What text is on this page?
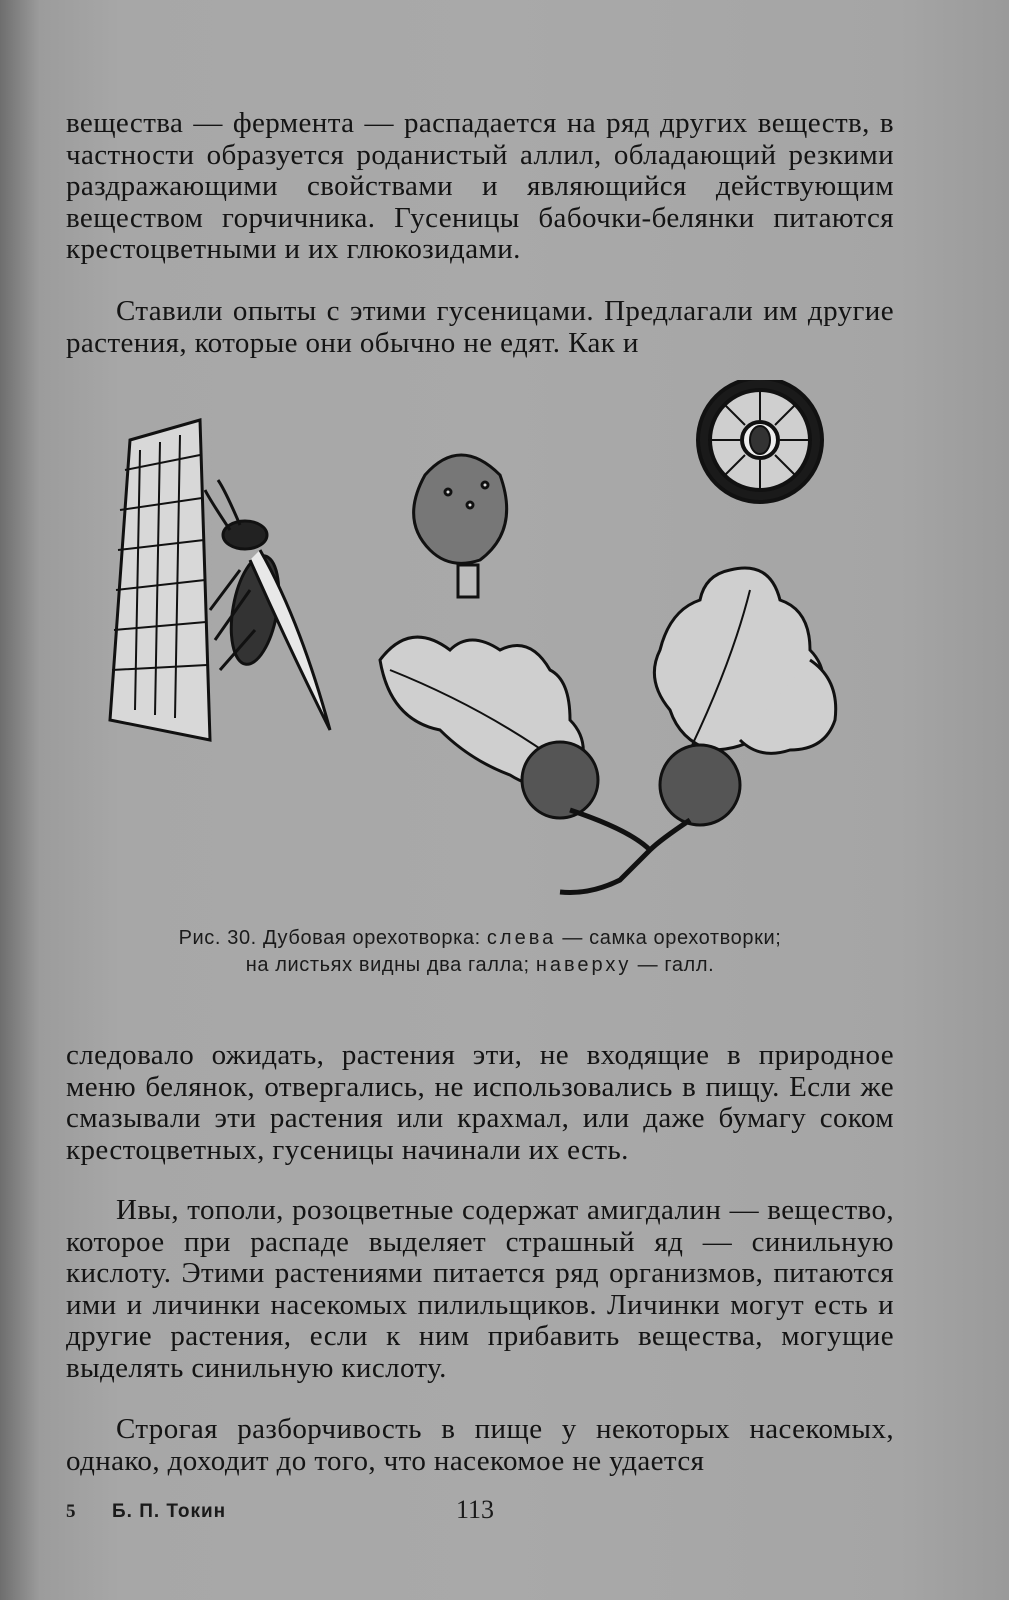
вещества — фермента — распадается на ряд других веществ, в частности образуется роданистый аллил, обладающий резкими раздражающими свойствами и являющийся действующим веществом горчичника. Гусеницы бабочки-белянки питаются крестоцветными и их глюкозидами.

Ставили опыты с этими гусеницами. Предлагали им другие растения, которые они обычно не едят. Как и

Рис. 30. Дубовая орехотворка: слева — самка орехотворки;
на листьях видны два галла; наверху — галл.

следовало ожидать, растения эти, не входящие в природное меню белянок, отвергались, не использовались в пищу. Если же смазывали эти растения или крахмал, или даже бумагу соком крестоцветных, гусеницы начинали их есть.

Ивы, тополи, розоцветные содержат амигдалин — вещество, которое при распаде выделяет страшный яд — синильную кислоту. Этими растениями питается ряд организмов, питаются ими и личинки насекомых пилильщиков. Личинки могут есть и другие растения, если к ним прибавить вещества, могущие выделять синильную кислоту.

Строгая разборчивость в пище у некоторых насекомых, однако, доходит до того, что насекомое не удается

5 Б. П. Токин	113
